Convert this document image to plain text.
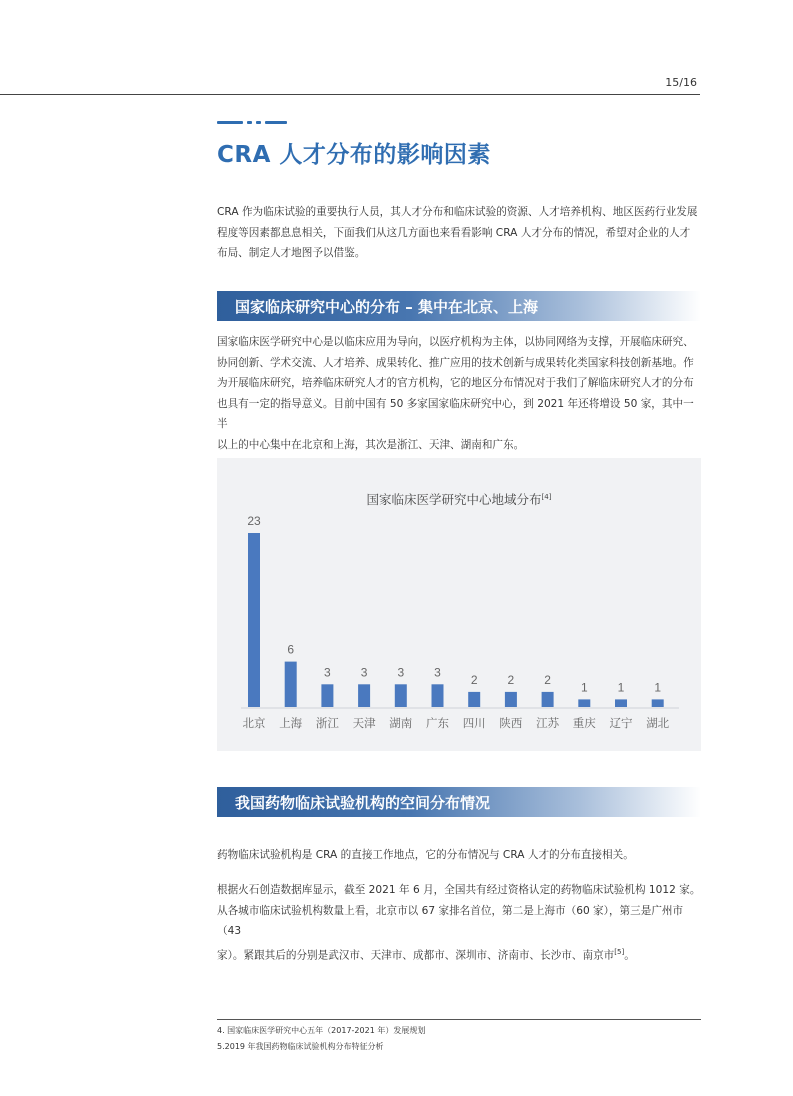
15/16
CRA 人才分布的影响因素
CRA 作为临床试验的重要执行人员，其人才分布和临床试验的资源、人才培养机构、地区医药行业发展
程度等因素都息息相关，下面我们从这几方面也来看看影响 CRA 人才分布的情况，希望对企业的人才
布局、制定人才地图予以借鉴。
国家临床研究中心的分布 – 集中在北京、上海
国家临床医学研究中心是以临床应用为导向，以医疗机构为主体，以协同网络为支撑，开展临床研究、
协同创新、学术交流、人才培养、成果转化、推广应用的技术创新与成果转化类国家科技创新基地。作
为开展临床研究，培养临床研究人才的官方机构，它的地区分布情况对于我们了解临床研究人才的分布
也具有一定的指导意义。目前中国有 50 多家国家临床研究中心，到 2021 年还将增设 50 家，其中一半
以上的中心集中在北京和上海，其次是浙江、天津、湖南和广东。
国家临床医学研究中心地域分布[4]
23
北京
6
上海
3
浙江
3
天津
3
湖南
3
广东
2
四川
2
陕西
2
江苏
1
重庆
1
辽宁
1
湖北
我国药物临床试验机构的空间分布情况
药物临床试验机构是 CRA 的直接工作地点，它的分布情况与 CRA 人才的分布直接相关。
根据火石创造数据库显示，截至 2021 年 6 月，全国共有经过资格认定的药物临床试验机构 1012 家。
从各城市临床试验机构数量上看，北京市以 67 家排名首位，第二是上海市（60 家），第三是广州市（43
家）。紧跟其后的分别是武汉市、天津市、成都市、深圳市、济南市、长沙市、南京市[5]。
4. 国家临床医学研究中心五年（2017-2021 年）发展规划
5.2019 年我国药物临床试验机构分布特征分析
